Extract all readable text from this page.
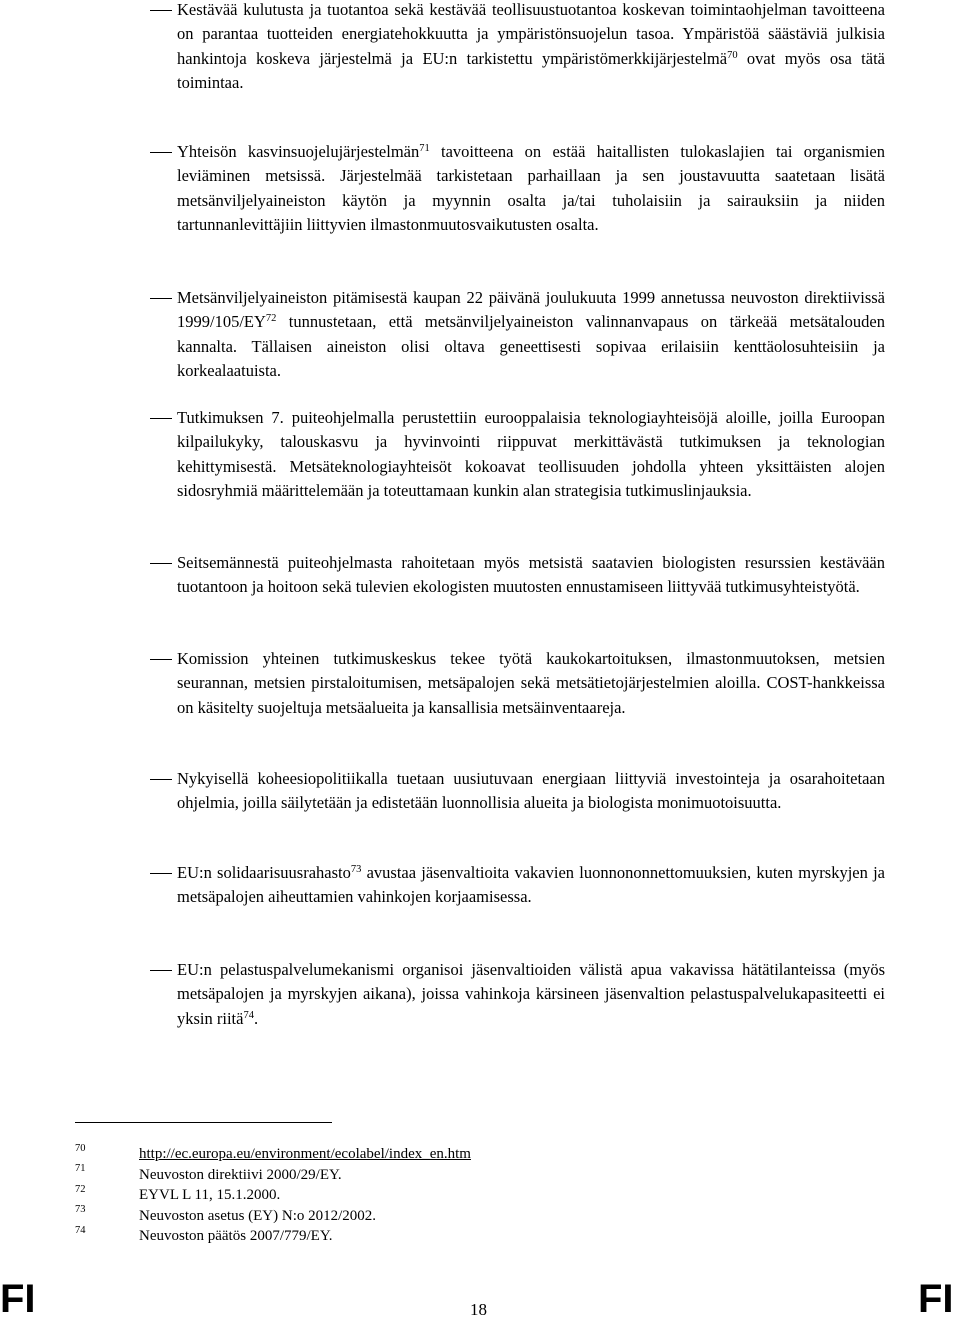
Kestävää kulutusta ja tuotantoa sekä kestävää teollisuustuotantoa koskevan toimintaohjelman tavoitteena on parantaa tuotteiden energiatehokkuutta ja ympäristönsuojelun tasoa. Ympäristöä säästäviä julkisia hankintoja koskeva järjestelmä ja EU:n tarkistettu ympäristömerkkijärjestelmä$^{70}$ ovat myös osa tätä toimintaa.

Yhteisön kasvinsuojelujärjestelmän$^{71}$ tavoitteena on estää haitallisten tulokaslajien tai organismien leviäminen metsissä. Järjestelmää tarkistetaan parhaillaan ja sen joustavuutta saatetaan lisätä metsänviljelyaineiston käytön ja myynnin osalta ja/tai tuholaisiin ja sairauksiin ja niiden tartunnanlevittäjiin liittyvien ilmastonmuutosvaikutusten osalta.

Metsänviljelyaineiston pitämisestä kaupan 22 päivänä joulukuuta 1999 annetussa neuvoston direktiivissä 1999/105/EY$^{72}$ tunnustetaan, että metsänviljelyaineiston valinnanvapaus on tärkeää metsätalouden kannalta. Tällaisen aineiston olisi oltava geneettisesti sopivaa erilaisiin kenttäolosuhteisiin ja korkealaatuista.

Tutkimuksen 7. puiteohjelmalla perustettiin eurooppalaisia teknologiayhteisöjä aloille, joilla Euroopan kilpailukyky, talouskasvu ja hyvinvointi riippuvat merkittävästä tutkimuksen ja teknologian kehittymisestä. Metsäteknologiayhteisöt kokoavat teollisuuden johdolla yhteen yksittäisten alojen sidosryhmiä määrittelemään ja toteuttamaan kunkin alan strategisia tutkimuslinjauksia.

Seitsemännestä puiteohjelmasta rahoitetaan myös metsistä saatavien biologisten resurssien kestävään tuotantoon ja hoitoon sekä tulevien ekologisten muutosten ennustamiseen liittyvää tutkimusyhteistyötä.

Komission yhteinen tutkimuskeskus tekee työtä kaukokartoituksen, ilmastonmuutoksen, metsien seurannan, metsien pirstaloitumisen, metsäpalojen sekä metsätietojärjestelmien aloilla. COST-hankkeissa on käsitelty suojeltuja metsäalueita ja kansallisia metsäinventaareja.

Nykyisellä koheesiopolitiikalla tuetaan uusiutuvaan energiaan liittyviä investointeja ja osarahoitetaan ohjelmia, joilla säilytetään ja edistetään luonnollisia alueita ja biologista monimuotoisuutta.

EU:n solidaarisuusrahasto$^{73}$ avustaa jäsenvaltioita vakavien luonnononnettomuuksien, kuten myrskyjen ja metsäpalojen aiheuttamien vahinkojen korjaamisessa.

EU:n pelastuspalvelumekanismi organisoi jäsenvaltioiden välistä apua vakavissa hätätilanteissa (myös metsäpalojen ja myrskyjen aikana), joissa vahinkoja kärsineen jäsenvaltion pelastuspalvelukapasiteetti ei yksin riitä$^{74}$.

70	http://ec.europa.eu/environment/ecolabel/index_en.htm
71	Neuvoston direktiivi 2000/29/EY.
72	EYVL L 11, 15.1.2000.
73	Neuvoston asetus (EY) N:o 2012/2002.
74	Neuvoston päätös 2007/779/EY.
FI	18	FI
